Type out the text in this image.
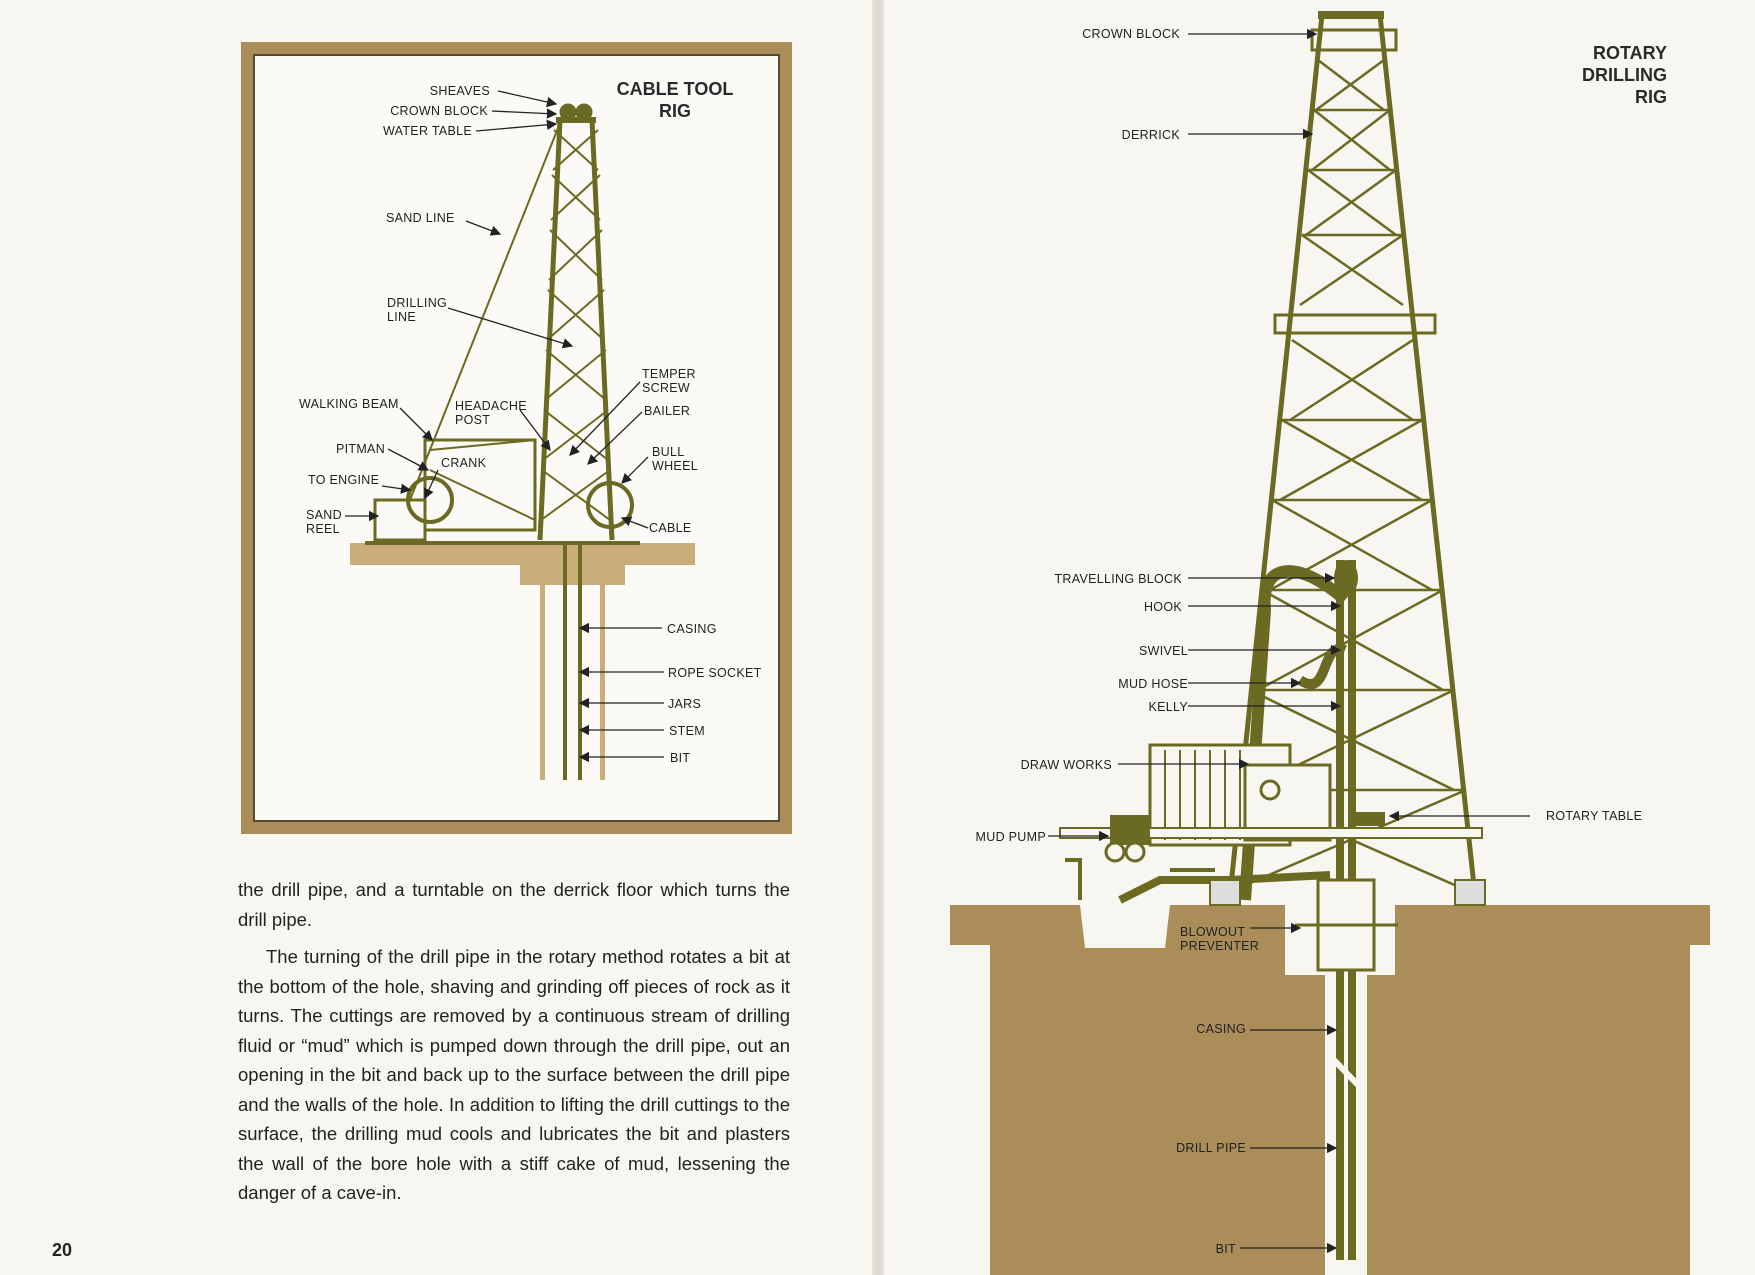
CABLE TOOL
RIG
SHEAVES
CROWN BLOCK
WATER TABLE
SAND LINE
DRILLING
LINE
TEMPER
SCREW
WALKING BEAM	HEADACHE
POST
BAILER
PITMAN
CRANK
BULL
WHEEL
TO ENGINE
SAND
REEL	CABLE
CASING
ROPE SOCKET
JARS
STEM
BIT

the drill pipe, and a turntable on the derrick floor which turns the drill pipe.

The turning of the drill pipe in the rotary method rotates a bit at the bottom of the hole, shaving and grinding off pieces of rock as it turns. The cuttings are removed by a continuous stream of drilling fluid or “mud” which is pumped down through the drill pipe, out an opening in the bit and back up to the surface between the drill pipe and the walls of the hole. In addition to lifting the drill cuttings to the surface, the drilling mud cools and lubricates the bit and plasters the wall of the bore hole with a stiff cake of mud, lessening the danger of a cave-in.

20
ROTARY
DRILLING
RIG
CROWN BLOCK
DERRICK
TRAVELLING BLOCK
HOOK
SWIVEL
MUD HOSE
KELLY
DRAW WORKS
MUD PUMP
ROTARY TABLE
BLOWOUT
PREVENTER
CASING
DRILL PIPE
BIT
